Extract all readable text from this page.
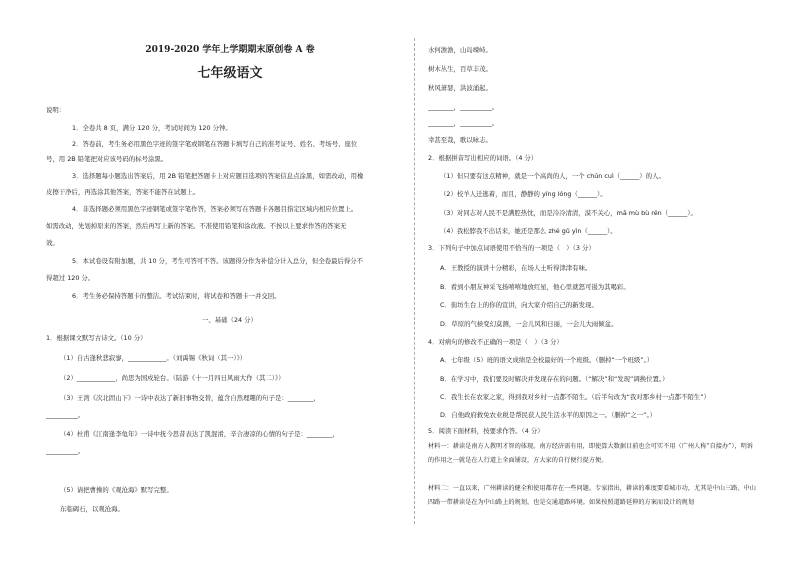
2019-2020 学年上学期期末原创卷 A 卷
七年级语文
说明：
1．全卷共 8 页，满分 120 分，考试时间为 120 分钟。
2．答卷前，考生务必用黑色字迹的签字笔或钢笔在答题卡填写自己的准考证号、姓名、考场号、座位
号，用 2B 铅笔把对应该号码的标号涂黑。
3．选择题每小题选出答案后，用 2B 铅笔把答题卡上对应题目选项的答案信息点涂黑，如需改动，用橡
皮擦干净后，再选涂其他答案，答案不能答在试题上。
4．非选择题必须用黑色字迹钢笔或签字笔作答，答案必须写在答题卡各题目指定区域内相应位置上。
如需改动，先划掉原来的答案，然后再写上新的答案。不准使用铅笔和涂改液。不按以上要求作答的答案无
效。
5．本试卷设有附加题，共 10 分，考生可答可不答。该题得分作为补偿分计入总分，但全卷最后得分不
得超过 120 分。
6．考生务必保持答题卡的整洁。考试结束时，将试卷和答题卡一并交回。
一、基础（24 分）
1．根据课文默写古诗文。（10 分）
（1）自古逢秋悲寂寥，____________。（刘禹锡《秋词（其一）》）
（2）____________，尚思为国戍轮台。（陆游《十一月四日风雨大作（其二）》）
（3）王湾《次北固山下》一诗中表达了新旧事物交替，蕴含自然理趣的句子是：________，
__________。
（4）杜甫《江南逢李龟年》一诗中抚今思昔表达了凯混淆，辛合凄凉的心情的句子是：________，
__________。
（5）请把曹操的《观沧海》默写完整。
东临碣石，以观沧海。
水何澹澹，山岛竦峙。
树木丛生，百草丰茂。
秋风萧瑟，洪波涌起。
________，__________。
________，__________。
幸甚至哉，歌以咏志。
2．根据拼音写出相应的词语。（4 分）
（1）但只要有这点精神，就是一个高尚的人，一个 chún cuì（______）的人。
（2）校羊人迁逃着，而且，静静的 yíng lóng（______）。
（3）对同志对人民不是满腔热忱，而是冷冷清清，漠不关心，mā mù bù rén（______）。
（4）我松脖我不出话来，她还是那么 zhé gǔ yìn（______）。
3．下列句子中加点词语使用不恰当的一项是（　）（3 分）
A．王教授的演讲十分精彩，在场人士听得津津有味。
B．看到小朋友神采飞扬嘻嘻地放红星，他心里就怒可遏为其喝彩。
C．街坊生台上的你的宣讲，向大家介绍自己的新发现。
D．草原的气候变幻莫测，一会儿风和日丽，一会儿大雨倾盆。
4．对病句的修改不正确的一项是（　）（3 分）
A．七年级（5）班的语文成绩是全校最好的一个班级。（删掉“一个班级”。）
B．在学习中，我们要及时解决并发现存在的问题。（“解决”和“发现”调换位置。）
C．我生长在农家之家，得到我对乡村一点都不陌生。（后半句改为“我对那乡村一点都不陌生”）
D．自他政府救免农业税是帮民获人民生活水平的原因之一。（删掉“之一”。）
5．阅读下面材料，按要求作答。（4 分）
材料一：耕读是南方人教明才智的体现。南方经济需有用，即使算大数据目前也会可实不用（广州人称“自接办”），明诉的作用之一就是在人行道上全面铺设，方大家的自行便行提方便。
材料二：一直以来，广州耕读的健全和使用都存在一些问题。专家指出，耕读的难度要看城市功，尤其是中山三路、中山四路一带耕读是在为中山路上的规划，也是交通道路环境。如果按照道路延伸的方案而设计的规划
